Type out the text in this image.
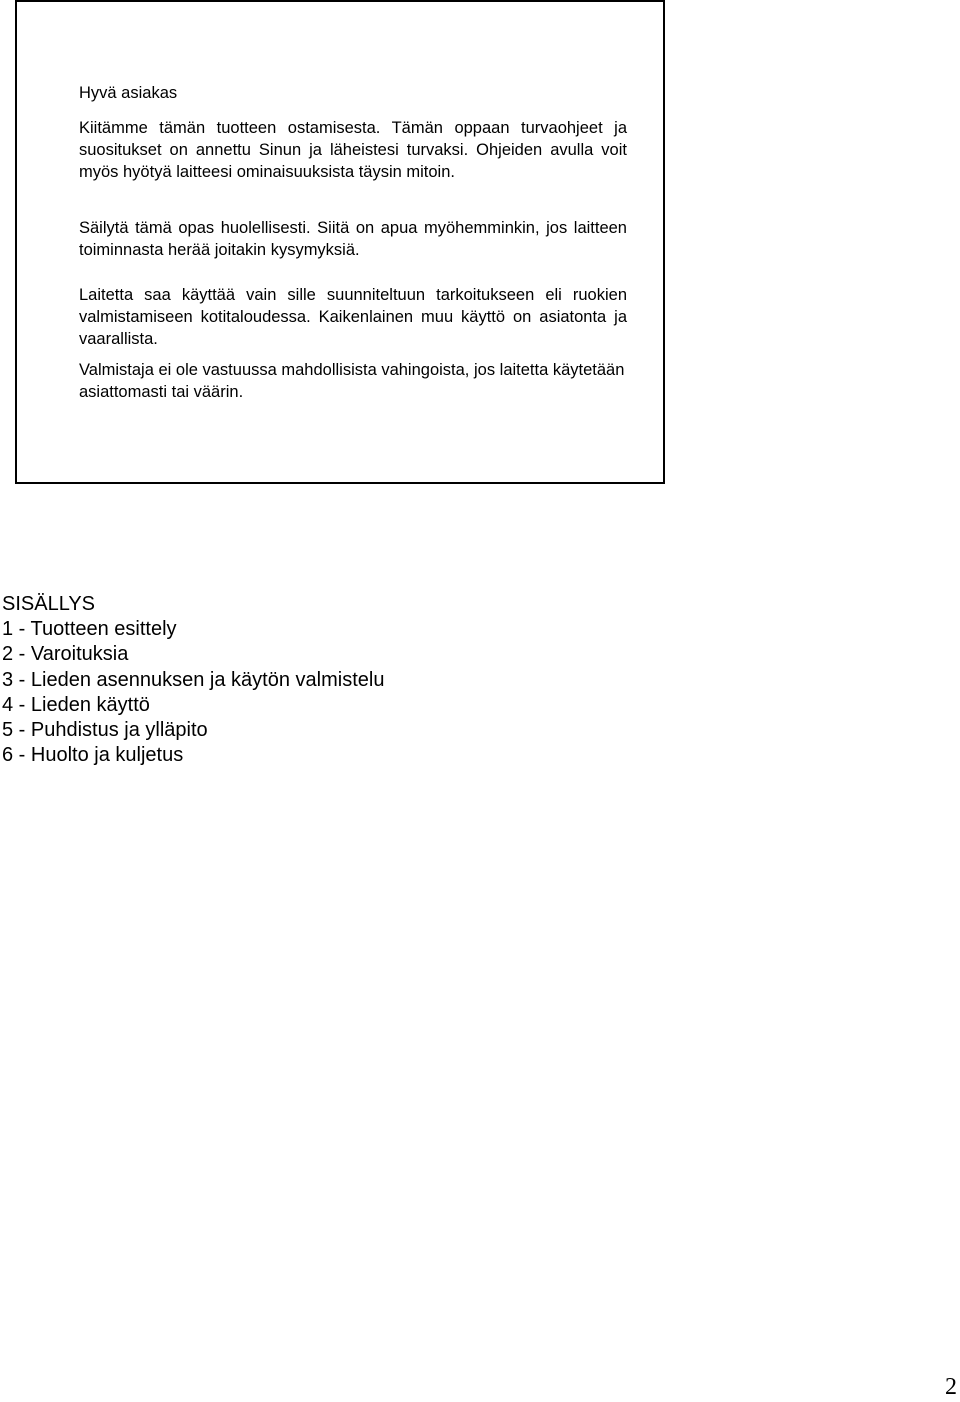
Hyvä asiakas

Kiitämme tämän tuotteen ostamisesta. Tämän oppaan turvaohjeet ja suositukset on annettu Sinun ja läheistesi turvaksi. Ohjeiden avulla voit myös hyötyä laitteesi ominaisuuksista täysin mitoin.

Säilytä tämä opas huolellisesti. Siitä on apua myöhemminkin, jos laitteen toiminnasta herää joitakin kysymyksiä.

Laitetta saa käyttää vain sille suunniteltuun tarkoitukseen eli ruokien valmistamiseen kotitaloudessa. Kaikenlainen muu käyttö on asiatonta ja vaarallista.

Valmistaja ei ole vastuussa mahdollisista vahingoista, jos laitetta käytetään asiattomasti tai väärin.

SISÄLLYS
1 - Tuotteen esittely
2 - Varoituksia
3 - Lieden asennuksen ja käytön valmistelu
4 - Lieden käyttö
5 - Puhdistus ja ylläpito
6 - Huolto ja kuljetus
2
